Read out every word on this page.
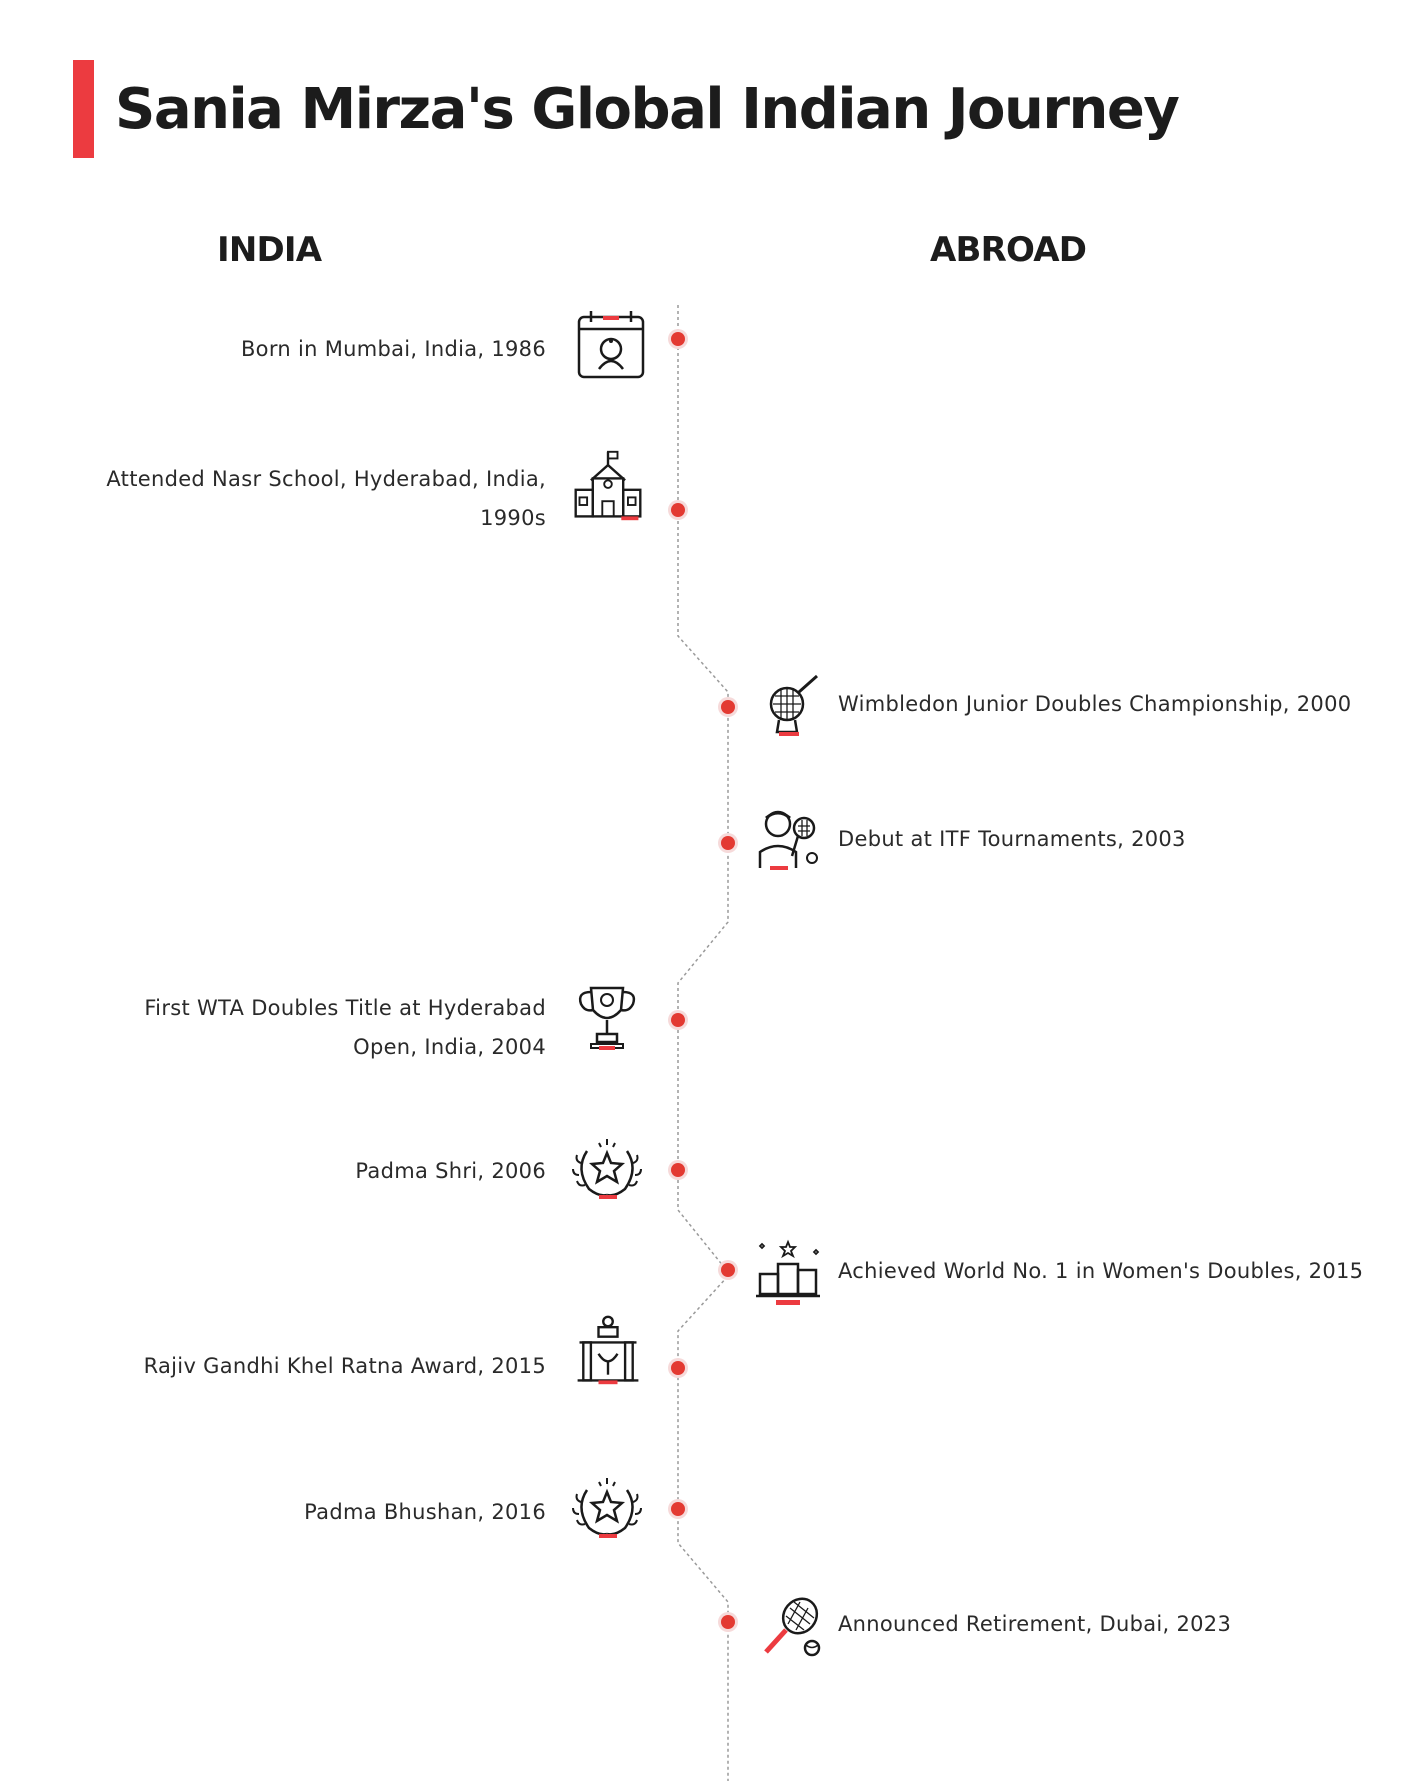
Sania Mirza's Global Indian Journey
INDIA	ABROAD
Born in Mumbai, India, 1986
Attended Nasr School, Hyderabad, India, 1990s
Wimbledon Junior Doubles Championship, 2000
Debut at ITF Tournaments, 2003
First WTA Doubles Title at Hyderabad Open, India, 2004
Padma Shri, 2006
Achieved World No. 1 in Women's Doubles, 2015
Rajiv Gandhi Khel Ratna Award, 2015
Padma Bhushan, 2016
Announced Retirement, Dubai, 2023
